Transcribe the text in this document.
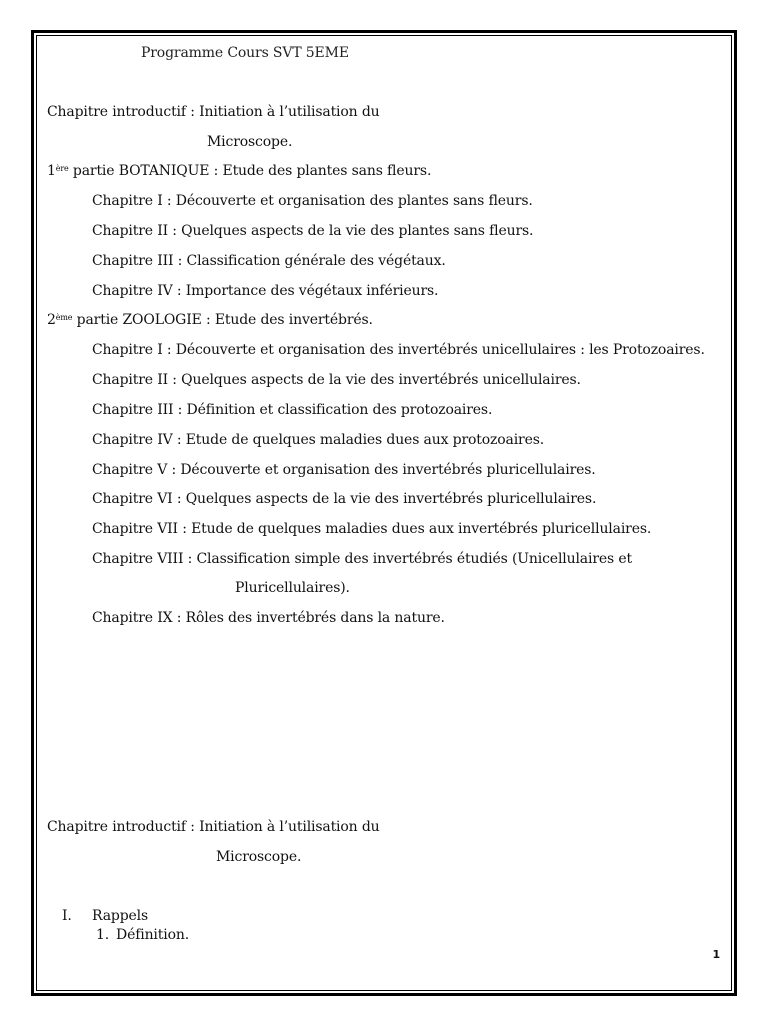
Programme Cours SVT 5EME
Chapitre introductif : Initiation à l’utilisation du
Microscope.
1ère partie BOTANIQUE : Etude des plantes sans fleurs.
Chapitre I : Découverte et organisation des plantes sans fleurs.
Chapitre II : Quelques aspects de la vie des plantes sans fleurs.
Chapitre III : Classification générale des végétaux.
Chapitre IV : Importance des végétaux inférieurs.
2ème partie ZOOLOGIE : Etude des invertébrés.
Chapitre I : Découverte et organisation des invertébrés unicellulaires : les Protozoaires.
Chapitre II : Quelques aspects de la vie des invertébrés unicellulaires.
Chapitre III : Définition et classification des protozoaires.
Chapitre IV : Etude de quelques maladies dues aux protozoaires.
Chapitre V : Découverte et organisation des invertébrés pluricellulaires.
Chapitre VI : Quelques aspects de la vie des invertébrés pluricellulaires.
Chapitre VII : Etude de quelques maladies dues aux invertébrés pluricellulaires.
Chapitre VIII : Classification simple des invertébrés étudiés (Unicellulaires et
Pluricellulaires).
Chapitre IX : Rôles des invertébrés dans la nature.
Chapitre introductif : Initiation à l’utilisation du
Microscope.
I. Rappels
1. Définition.
1
